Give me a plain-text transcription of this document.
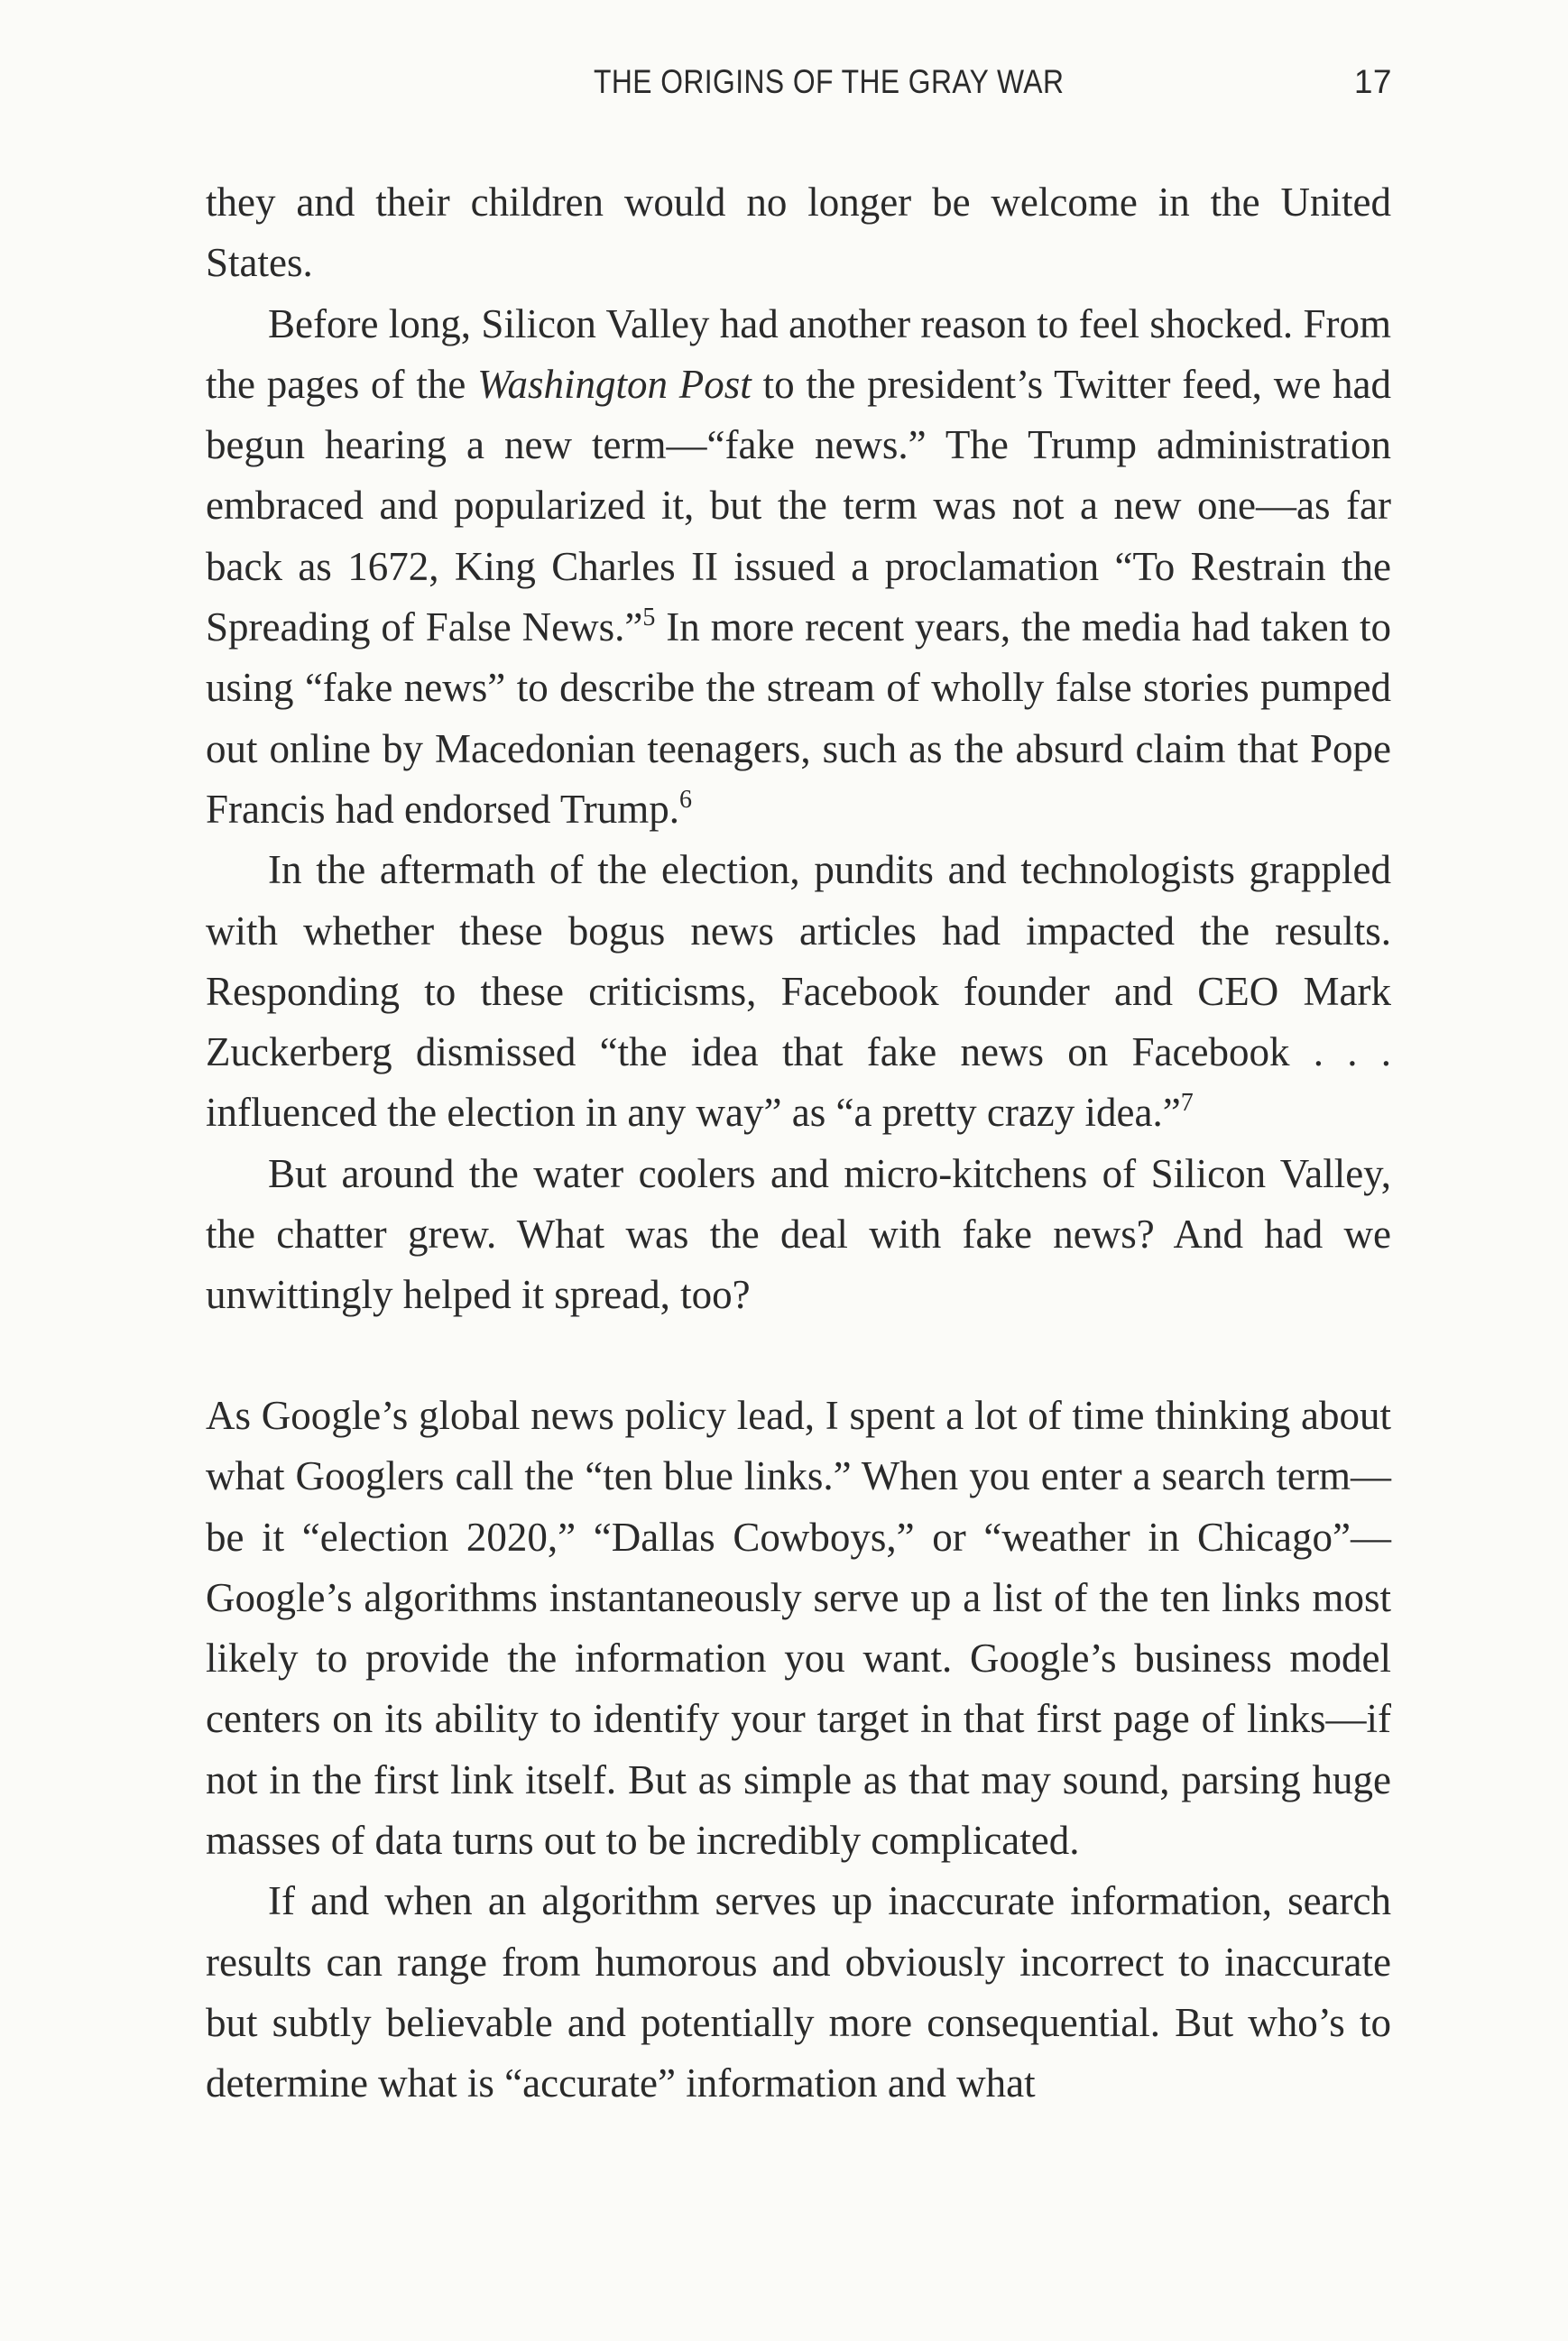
THE ORIGINS OF THE GRAY WAR	17

they and their children would no longer be welcome in the United States.

Before long, Silicon Valley had another reason to feel shocked. From the pages of the Washington Post to the president’s Twitter feed, we had begun hearing a new term—“fake news.” The Trump administration embraced and popularized it, but the term was not a new one—as far back as 1672, King Charles II issued a proclamation “To Restrain the Spreading of False News.”$^5$ In more recent years, the media had taken to using “fake news” to describe the stream of wholly false stories pumped out online by Macedonian teenagers, such as the absurd claim that Pope Francis had endorsed Trump.$^6$

In the aftermath of the election, pundits and technologists grappled with whether these bogus news articles had impacted the results. Responding to these criticisms, Facebook founder and CEO Mark Zuckerberg dismissed “the idea that fake news on Facebook . . . influenced the election in any way” as “a pretty crazy idea.”$^7$

But around the water coolers and micro-kitchens of Silicon Valley, the chatter grew. What was the deal with fake news? And had we unwittingly helped it spread, too?

As Google’s global news policy lead, I spent a lot of time thinking about what Googlers call the “ten blue links.” When you enter a search term—be it “election 2020,” “Dallas Cowboys,” or “weather in Chicago”—Google’s algorithms instantaneously serve up a list of the ten links most likely to provide the information you want. Google’s business model centers on its ability to identify your target in that first page of links—if not in the first link itself. But as simple as that may sound, parsing huge masses of data turns out to be incredibly complicated.

If and when an algorithm serves up inaccurate information, search results can range from humorous and obviously incorrect to inaccurate but subtly believable and potentially more consequential. But who’s to determine what is “accurate” information and what
